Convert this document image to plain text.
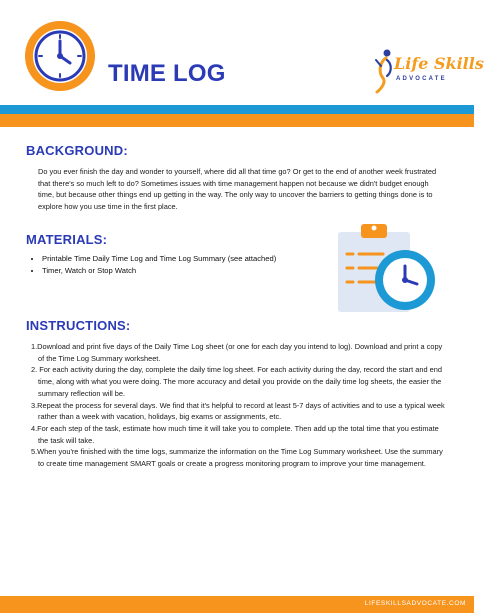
TIME LOG	Life Skills
ADVOCATE
BACKGROUND:

Do you ever finish the day and wonder to yourself, where did all that time go? Or get to the end of another week frustrated that there's so much left to do? Sometimes issues with time management happen not because we didn't budget enough time, but because other things end up getting in the way. The only way to uncover the barriers to getting things done is to explore how you use time in the first place.

MATERIALS:
• Printable Time Daily Time Log and Time Log Summary (see attached)
• Timer, Watch or Stop Watch
INSTRUCTIONS:
1.Download and print five days of the Daily Time Log sheet (or one for each day you intend to log). Download and print a copy of the Time Log Summary worksheet.
2. For each activity during the day, complete the daily time log sheet. For each activity during the day, record the start and end time, along with what you were doing. The more accuracy and detail you provide on the daily time log sheets, the easier the summary reflection will be.
3.Repeat the process for several days. We find that it's helpful to record at least 5-7 days of activities and to use a typical week rather than a week with vacation, holidays, big exams or assignments, etc.
4.For each step of the task, estimate how much time it will take you to complete. Then add up the total time that you estimate the task will take.
5.When you're finished with the time logs, summarize the information on the Time Log Summary worksheet. Use the summary to create time management SMART goals or create a progress monitoring program to improve your time management.
LIFESKILLSADVOCATE.COM
